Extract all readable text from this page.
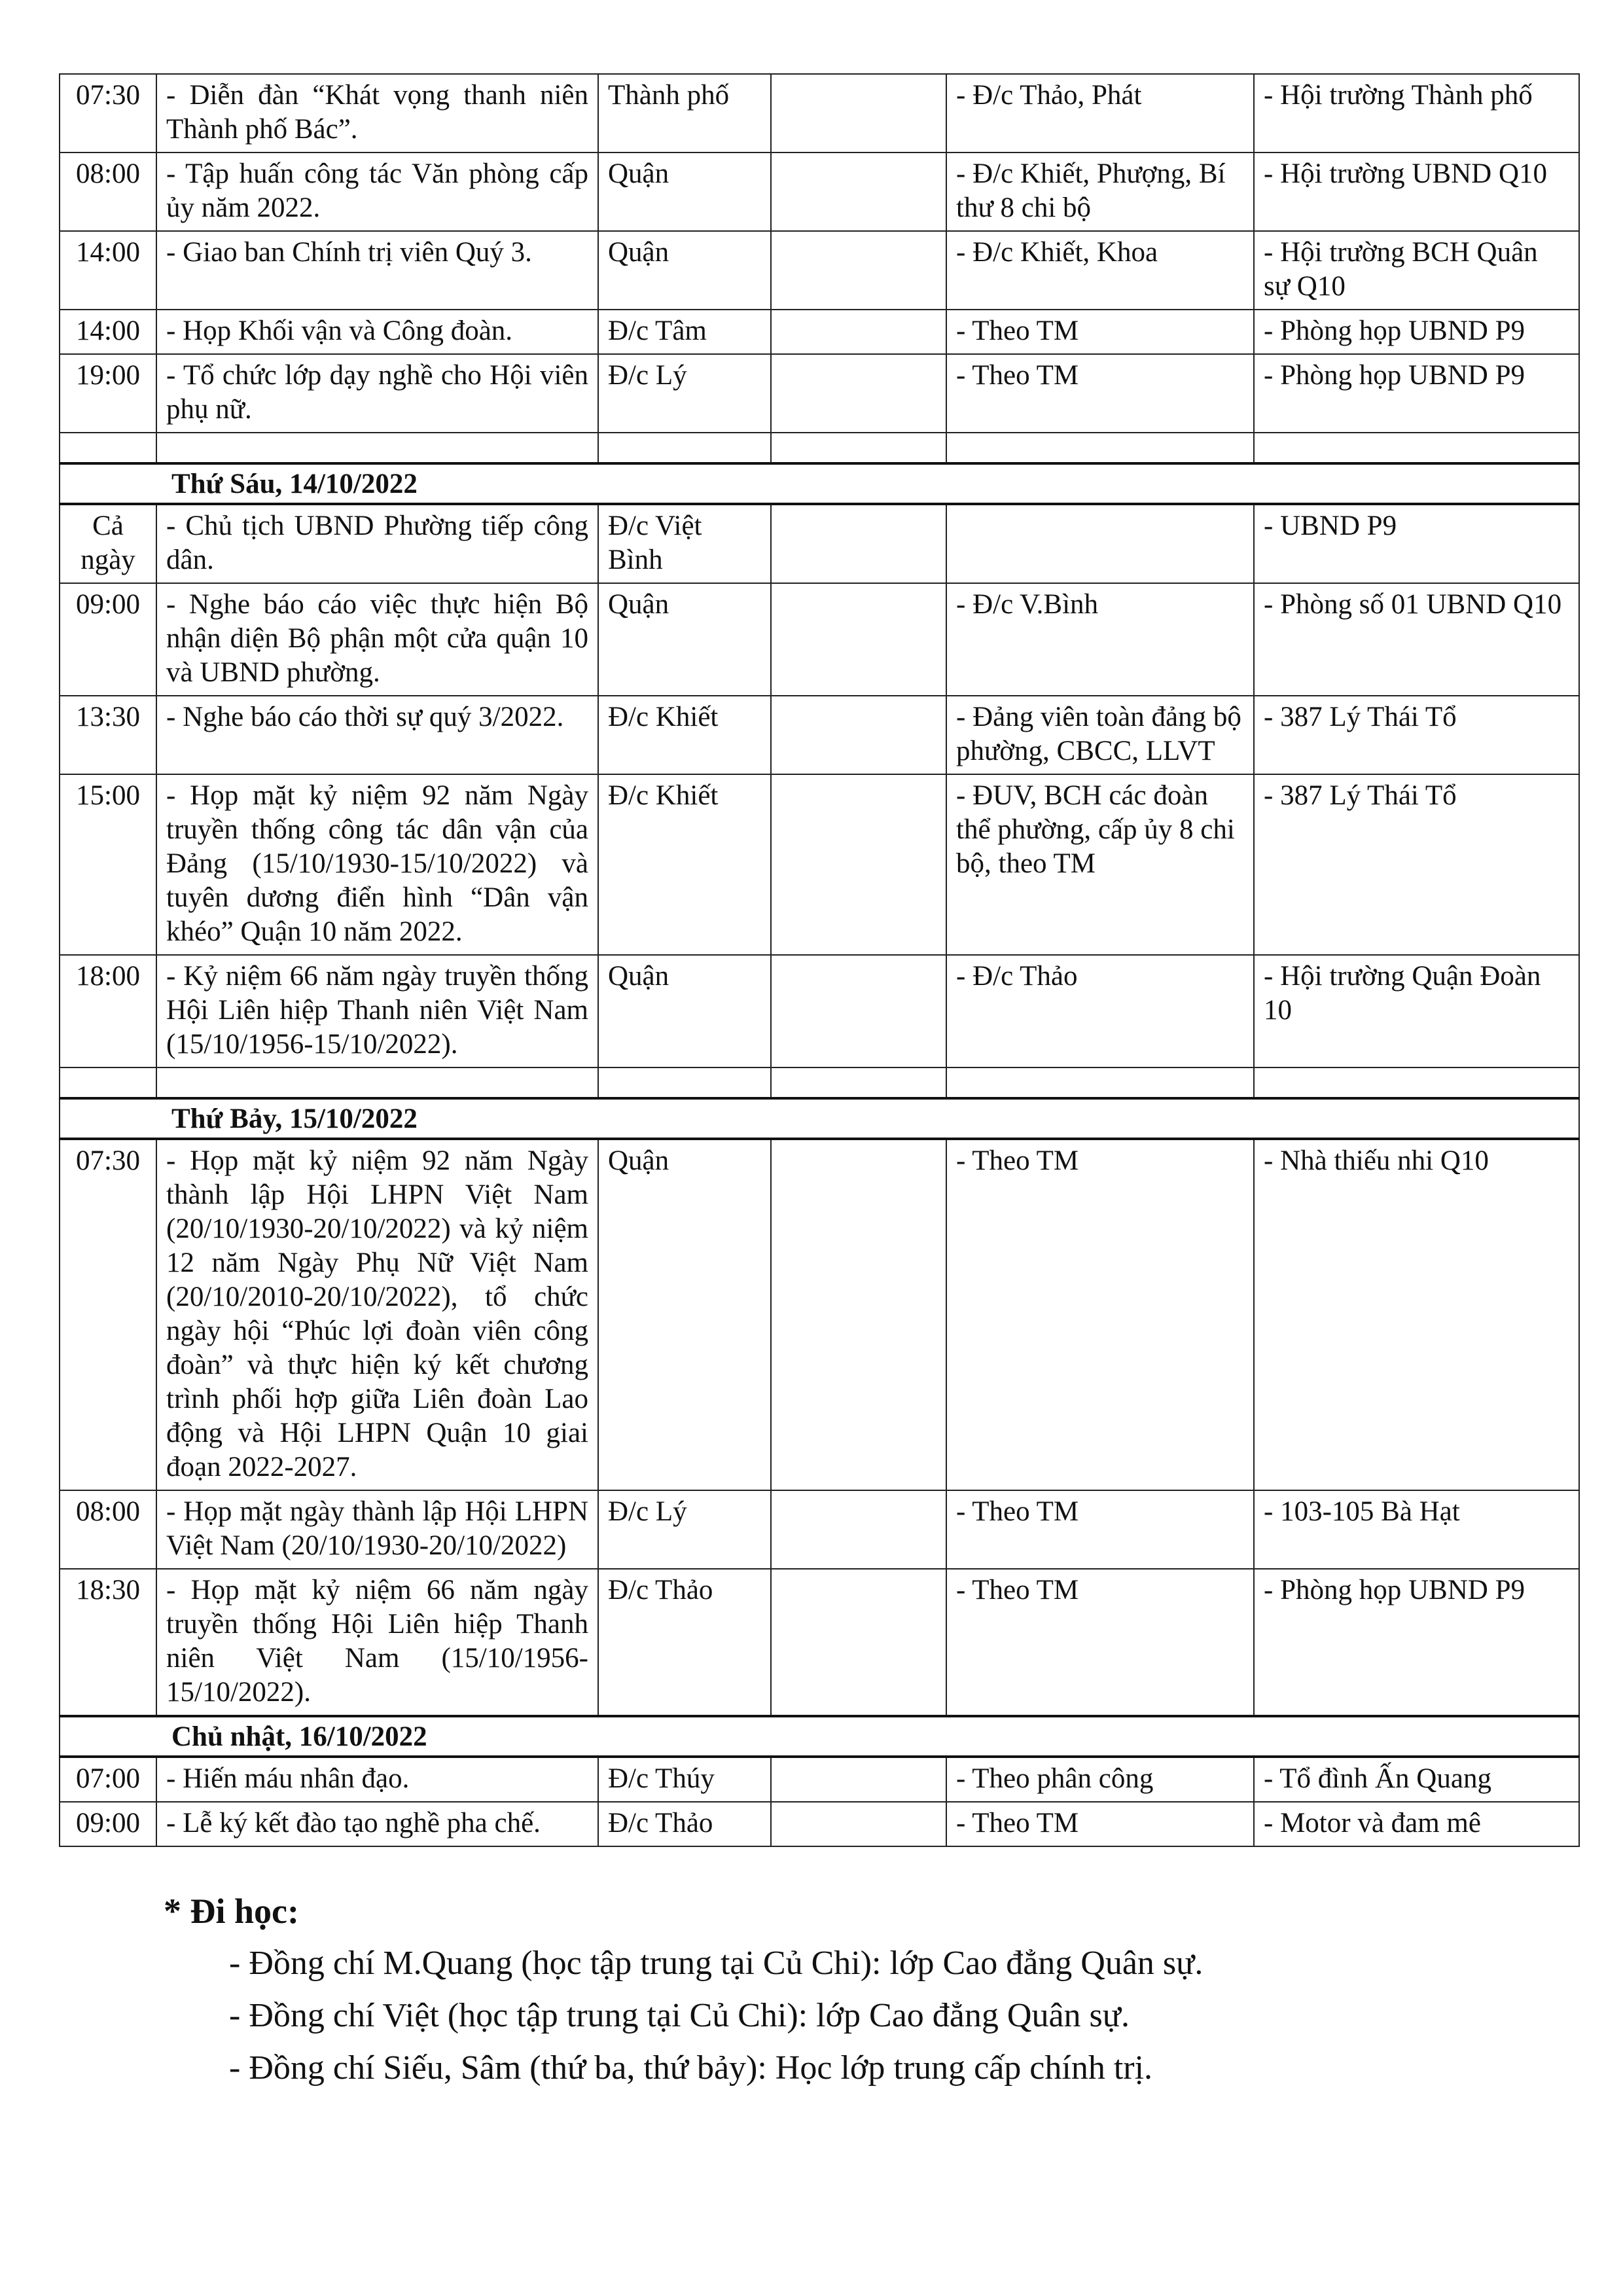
07:30	- Diễn đàn “Khát vọng thanh niên Thành phố Bác”.	Thành phố		- Đ/c Thảo, Phát	- Hội trường Thành phố
08:00	- Tập huấn công tác Văn phòng cấp ủy năm 2022.	Quận		- Đ/c Khiết, Phượng, Bí thư 8 chi bộ	- Hội trường UBND Q10
14:00	- Giao ban Chính trị viên Quý 3.	Quận		- Đ/c Khiết, Khoa	- Hội trường BCH Quân sự Q10
14:00	- Họp Khối vận và Công đoàn.	Đ/c Tâm		- Theo TM	- Phòng họp UBND P9
19:00	- Tổ chức lớp dạy nghề cho Hội viên phụ nữ.	Đ/c Lý		- Theo TM	- Phòng họp UBND P9

Thứ Sáu, 14/10/2022					
Cả ngày	- Chủ tịch UBND Phường tiếp công dân.	Đ/c Việt Bình			- UBND P9
09:00	- Nghe báo cáo việc thực hiện Bộ nhận diện Bộ phận một cửa quận 10 và UBND phường.	Quận		- Đ/c V.Bình	- Phòng số 01 UBND Q10
13:30	- Nghe báo cáo thời sự quý 3/2022.	Đ/c Khiết		- Đảng viên toàn đảng bộ phường, CBCC, LLVT	- 387 Lý Thái Tổ
15:00	- Họp mặt kỷ niệm 92 năm Ngày truyền thống công tác dân vận của Đảng (15/10/1930-15/10/2022) và tuyên dương điển hình “Dân vận khéo” Quận 10 năm 2022.	Đ/c Khiết		- ĐUV, BCH các đoàn thể phường, cấp ủy 8 chi bộ, theo TM	- 387 Lý Thái Tổ
18:00	- Kỷ niệm 66 năm ngày truyền thống Hội Liên hiệp Thanh niên Việt Nam (15/10/1956-15/10/2022).	Quận		- Đ/c Thảo	- Hội trường Quận Đoàn 10

Thứ Bảy, 15/10/2022					
07:30	- Họp mặt kỷ niệm 92 năm Ngày thành lập Hội LHPN Việt Nam (20/10/1930-20/10/2022) và kỷ niệm 12 năm Ngày Phụ Nữ Việt Nam (20/10/2010-20/10/2022), tổ chức ngày hội “Phúc lợi đoàn viên công đoàn” và thực hiện ký kết chương trình phối hợp giữa Liên đoàn Lao động và Hội LHPN Quận 10 giai đoạn 2022-2027.	Quận		- Theo TM	- Nhà thiếu nhi Q10
08:00	- Họp mặt ngày thành lập Hội LHPN Việt Nam (20/10/1930-20/10/2022)	Đ/c Lý		- Theo TM	- 103-105 Bà Hạt
18:30	- Họp mặt kỷ niệm 66 năm ngày truyền thống Hội Liên hiệp Thanh niên Việt Nam (15/10/1956-15/10/2022).	Đ/c Thảo		- Theo TM	- Phòng họp UBND P9
Chủ nhật, 16/10/2022					
07:00	- Hiến máu nhân đạo.	Đ/c Thúy		- Theo phân công	- Tổ đình Ấn Quang
09:00	- Lễ ký kết đào tạo nghề pha chế.	Đ/c Thảo		- Theo TM	- Motor và đam mê
* Đi học:
- Đồng chí M.Quang (học tập trung tại Củ Chi): lớp Cao đẳng Quân sự.
- Đồng chí Việt (học tập trung tại Củ Chi): lớp Cao đẳng Quân sự.
- Đồng chí Siếu, Sâm (thứ ba, thứ bảy): Học lớp trung cấp chính trị.
